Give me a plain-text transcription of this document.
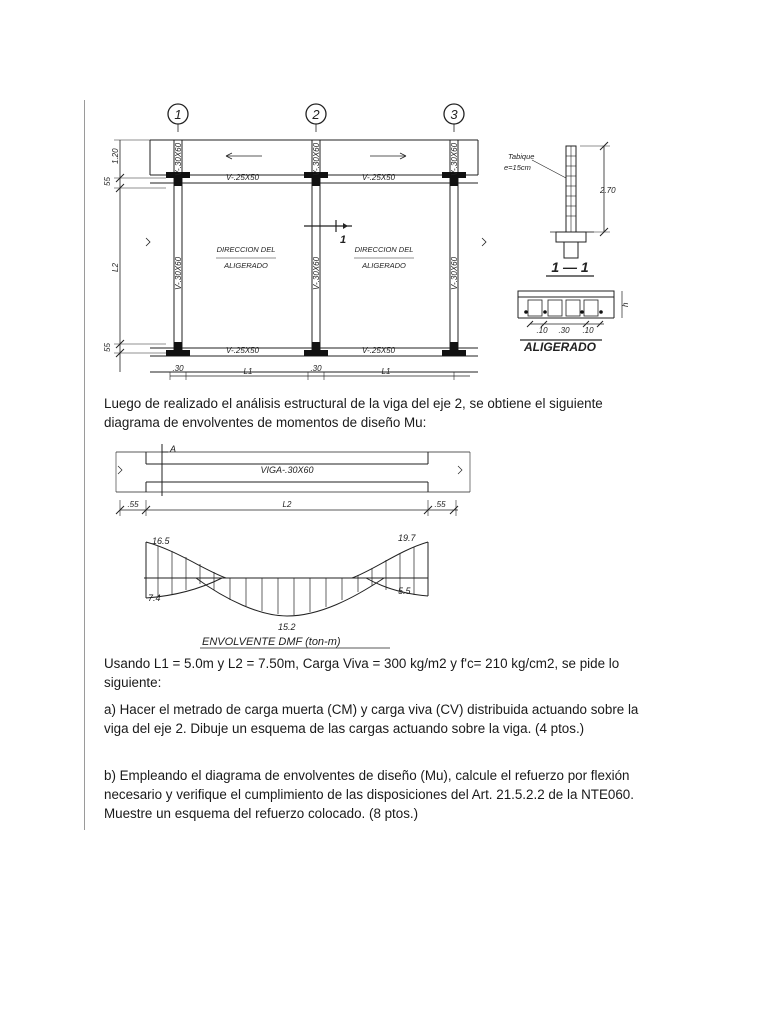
1	2	3
V-.30X60	V-.30X60	V-.30X60
V-.30X60	V-.30X60	V-.30X60
V-.25X50	V-.25X50
V-.25X50	V-.25X50
DIRECCION DEL
ALIGERADO
DIRECCION DEL
ALIGERADO
1.20
55
L2
55
1
.30	.30
L1	L1
Tabique
e=15cm
2.70
1 — 1
.10 .30 .10
h
ALIGERADO
VIGA-.30X60
A
.55	L2	.55
16.5	19.7
7.4
5.5
15.2
ENVOLVENTE DMF (ton-m)

Luego de realizado el análisis estructural de la viga del eje 2, se obtiene el siguiente diagrama de envolventes de momentos de diseño Mu:

Usando L1 = 5.0m y L2 = 7.50m, Carga Viva = 300 kg/m2 y f'c= 210 kg/cm2, se pide lo siguiente:

a) Hacer el metrado de carga muerta (CM) y carga viva (CV) distribuida actuando sobre la viga del eje 2. Dibuje un esquema de las cargas actuando sobre la viga. (4 ptos.)

b) Empleando el diagrama de envolventes de diseño (Mu), calcule el refuerzo por flexión necesario y verifique el cumplimiento de las disposiciones del Art. 21.5.2.2 de la NTE060. Muestre un esquema del refuerzo colocado. (8 ptos.)
